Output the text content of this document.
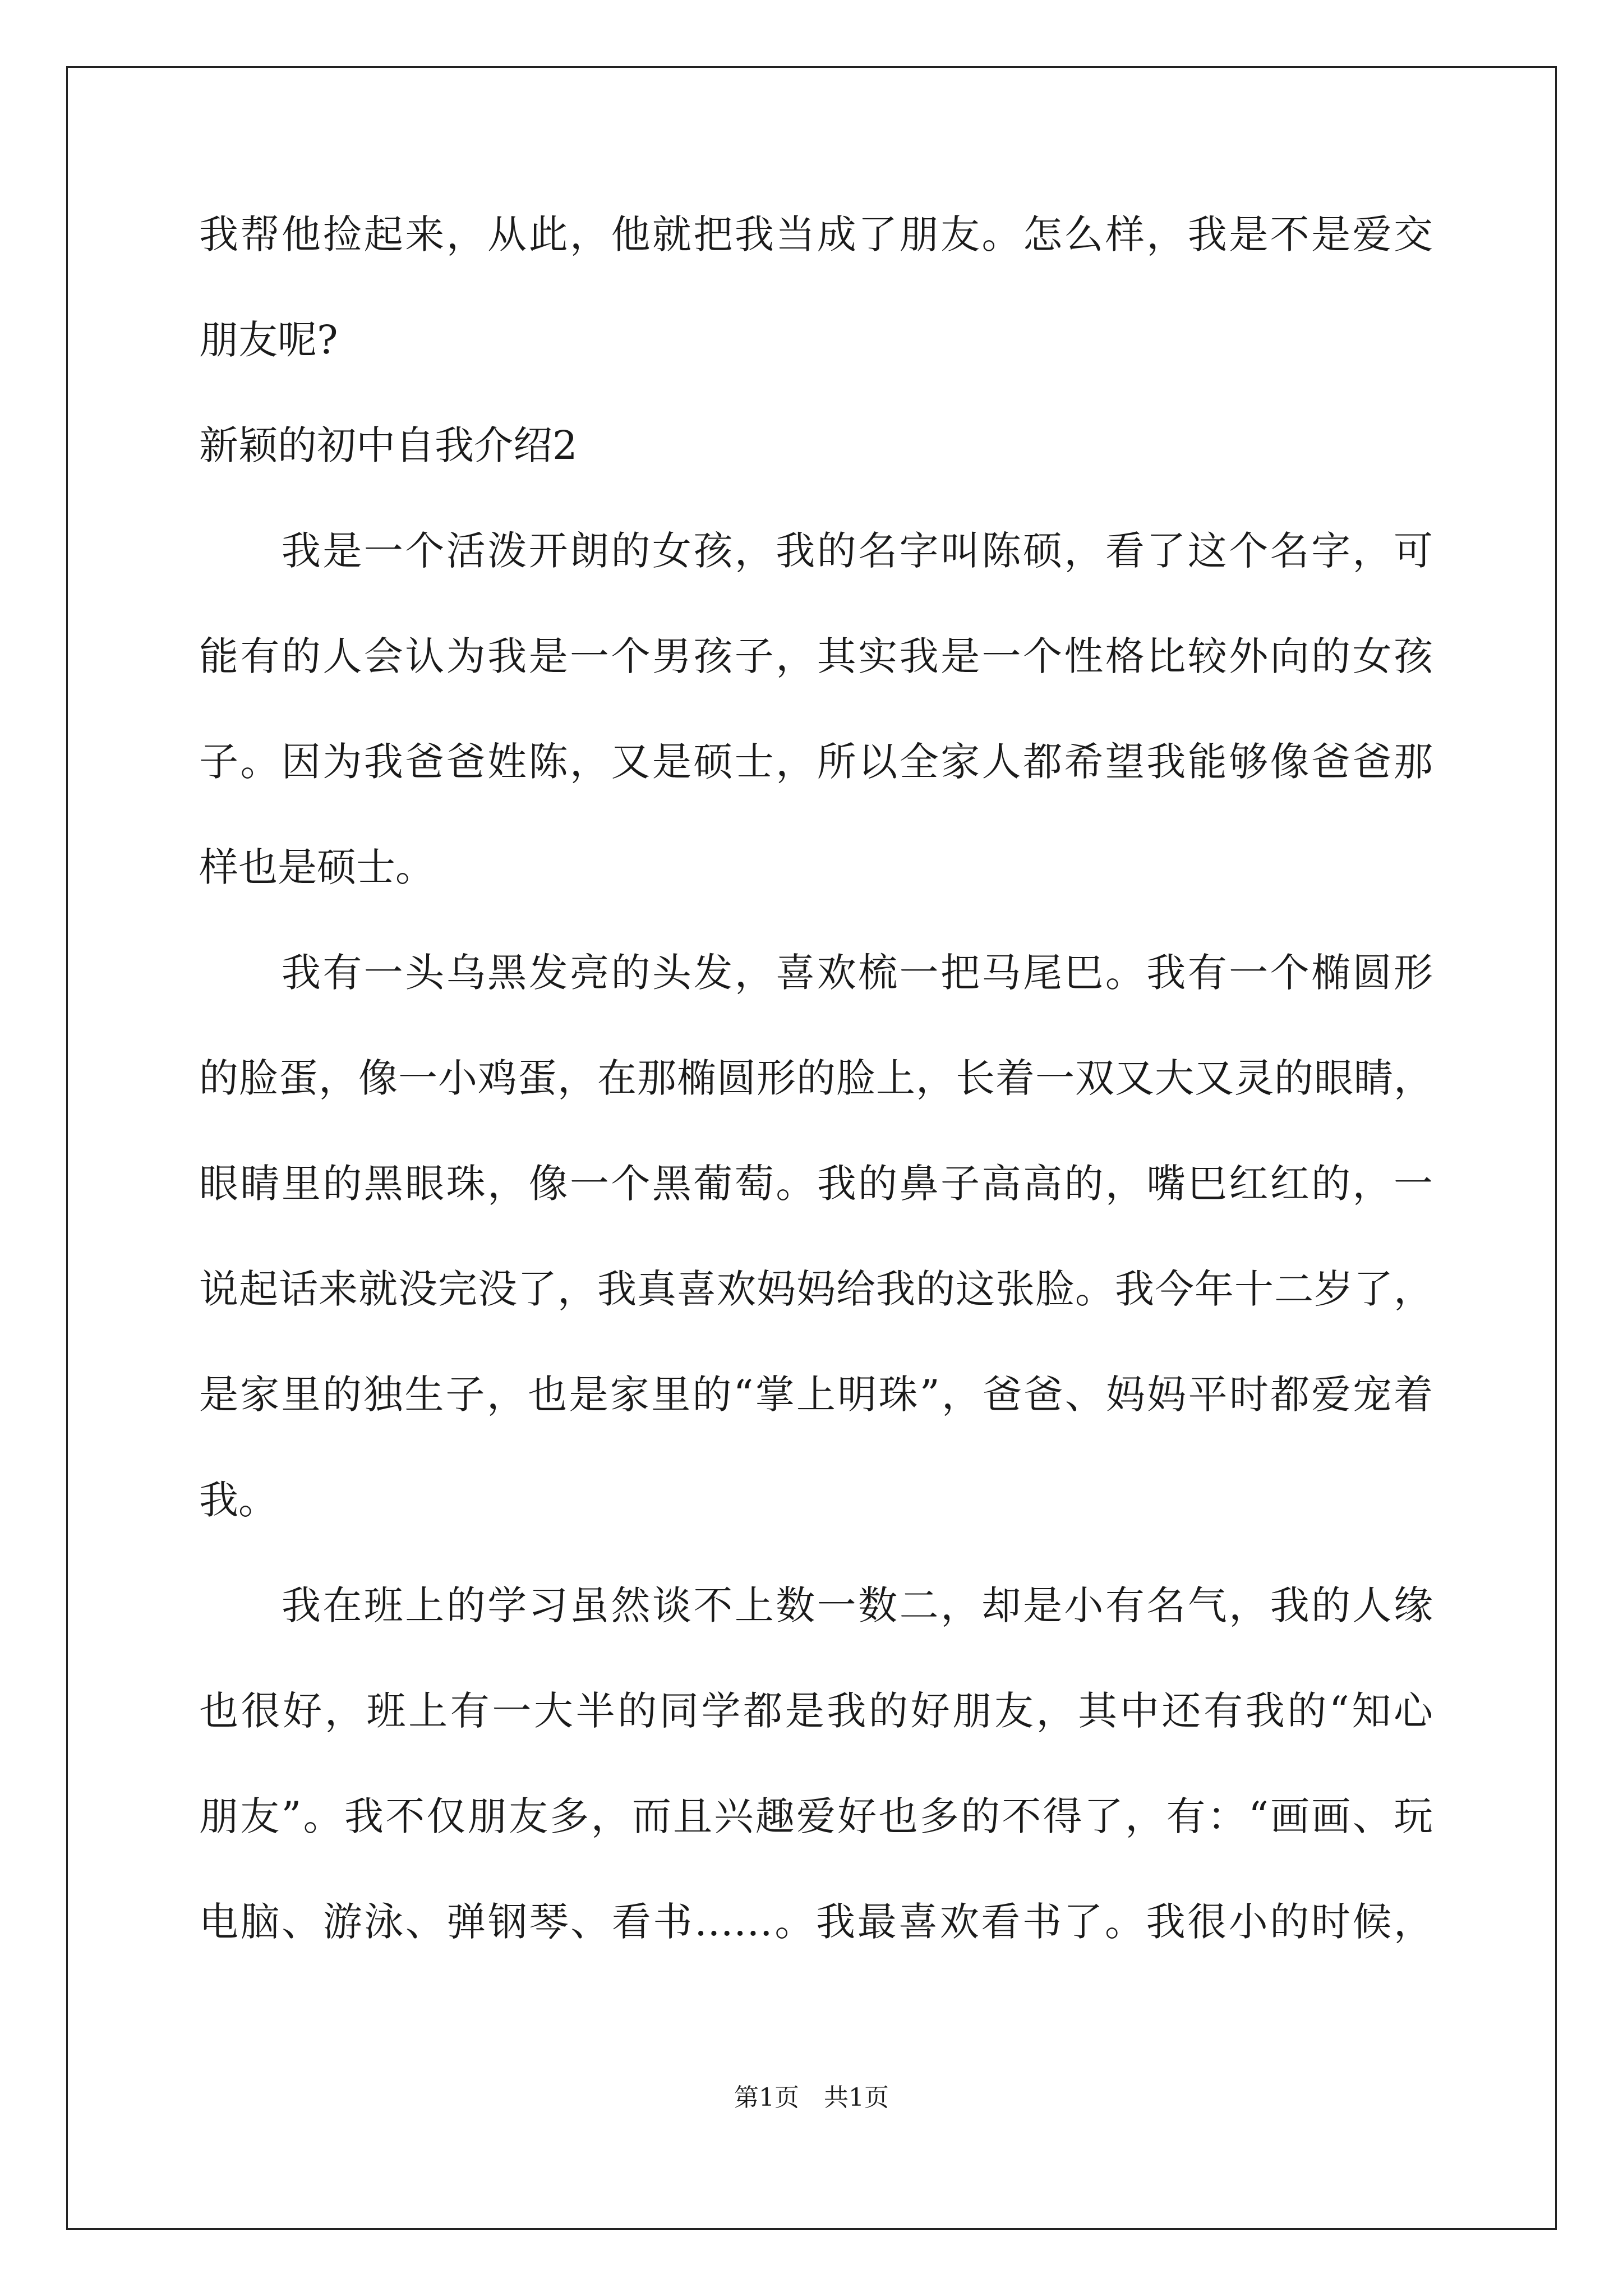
我帮他捡起来，从此，他就把我当成了朋友。怎么样，我是不是爱交
朋友呢?
新颖的初中自我介绍2
　　我是一个活泼开朗的女孩，我的名字叫陈硕，看了这个名字，可
能有的人会认为我是一个男孩子，其实我是一个性格比较外向的女孩
子。因为我爸爸姓陈，又是硕士，所以全家人都希望我能够像爸爸那
样也是硕士。
　　我有一头乌黑发亮的头发，喜欢梳一把马尾巴。我有一个椭圆形
的脸蛋，像一小鸡蛋，在那椭圆形的脸上，长着一双又大又灵的眼睛，
眼睛里的黑眼珠，像一个黑葡萄。我的鼻子高高的，嘴巴红红的，一
说起话来就没完没了，我真喜欢妈妈给我的这张脸。我今年十二岁了，
是家里的独生子，也是家里的“掌上明珠”，爸爸、妈妈平时都爱宠着
我。
　　我在班上的学习虽然谈不上数一数二，却是小有名气，我的人缘
也很好，班上有一大半的同学都是我的好朋友，其中还有我的“知心
朋友”。我不仅朋友多，而且兴趣爱好也多的不得了，有：“画画、玩
电脑、游泳、弹钢琴、看书……。我最喜欢看书了。我很小的时候，
第1页　共1页
